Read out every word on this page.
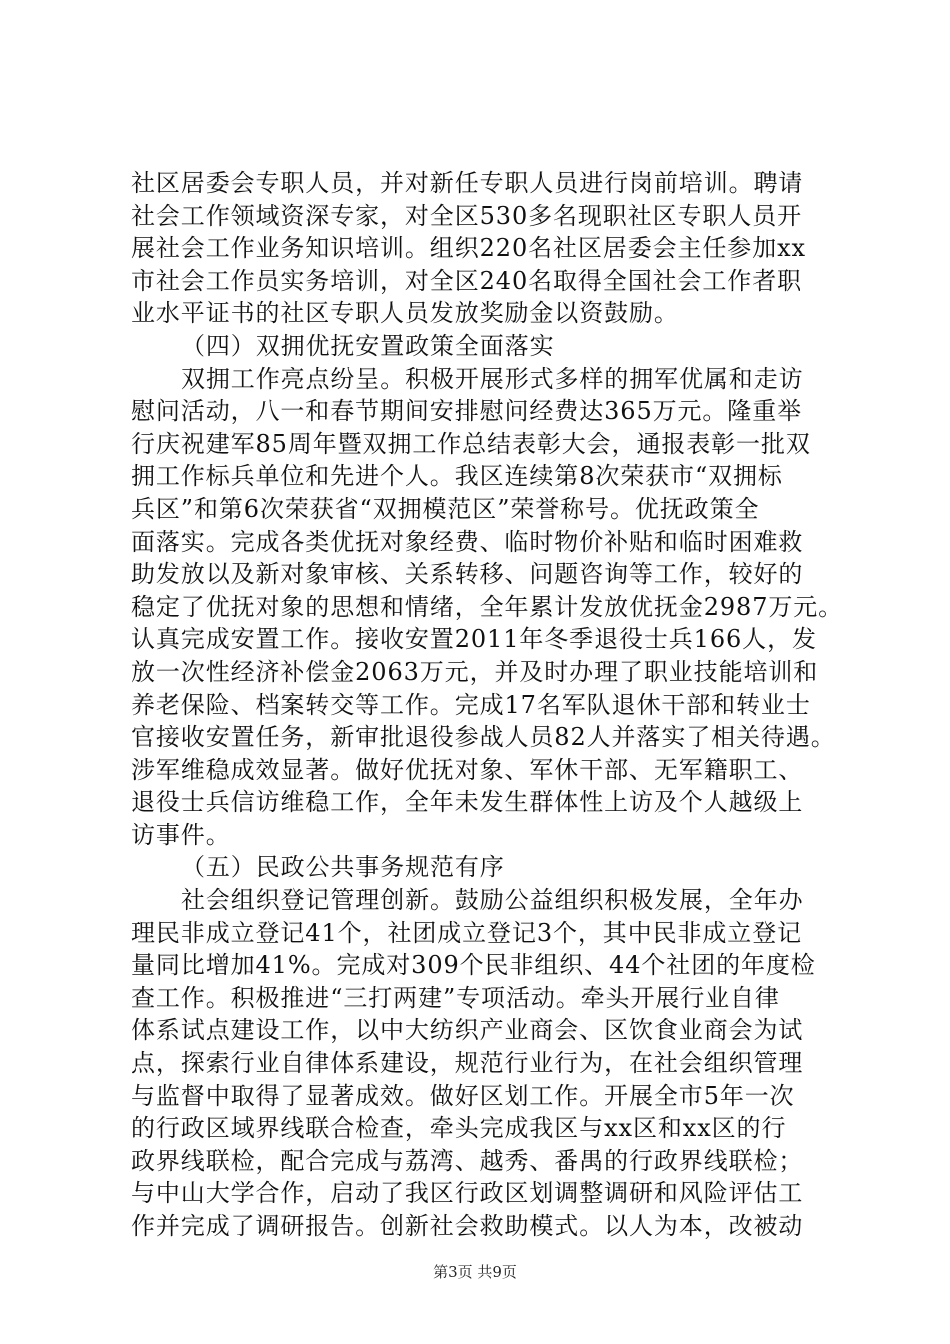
社区居委会专职人员，并对新任专职人员进行岗前培训。聘请
社会工作领域资深专家，对全区530多名现职社区专职人员开
展社会工作业务知识培训。组织220名社区居委会主任参加xx
市社会工作员实务培训，对全区240名取得全国社会工作者职
业水平证书的社区专职人员发放奖励金以资鼓励。
（四）双拥优抚安置政策全面落实
双拥工作亮点纷呈。积极开展形式多样的拥军优属和走访
慰问活动，八一和春节期间安排慰问经费达365万元。隆重举
行庆祝建军85周年暨双拥工作总结表彰大会，通报表彰一批双
拥工作标兵单位和先进个人。我区连续第8次荣获市“双拥标
兵区”和第6次荣获省“双拥模范区”荣誉称号。优抚政策全
面落实。完成各类优抚对象经费、临时物价补贴和临时困难救
助发放以及新对象审核、关系转移、问题咨询等工作，较好的
稳定了优抚对象的思想和情绪，全年累计发放优抚金2987万元。
认真完成安置工作。接收安置2011年冬季退役士兵166人，发
放一次性经济补偿金2063万元，并及时办理了职业技能培训和
养老保险、档案转交等工作。完成17名军队退休干部和转业士
官接收安置任务，新审批退役参战人员82人并落实了相关待遇。
涉军维稳成效显著。做好优抚对象、军休干部、无军籍职工、
退役士兵信访维稳工作，全年未发生群体性上访及个人越级上
访事件。
（五）民政公共事务规范有序
社会组织登记管理创新。鼓励公益组织积极发展，全年办
理民非成立登记41个，社团成立登记3个，其中民非成立登记
量同比增加41%。完成对309个民非组织、44个社团的年度检
查工作。积极推进“三打两建”专项活动。牵头开展行业自律
体系试点建设工作，以中大纺织产业商会、区饮食业商会为试
点，探索行业自律体系建设，规范行业行为，在社会组织管理
与监督中取得了显著成效。做好区划工作。开展全市5年一次
的行政区域界线联合检查，牵头完成我区与xx区和xx区的行
政界线联检，配合完成与荔湾、越秀、番禺的行政界线联检；
与中山大学合作，启动了我区行政区划调整调研和风险评估工
作并完成了调研报告。创新社会救助模式。以人为本，改被动
第3页 共9页
